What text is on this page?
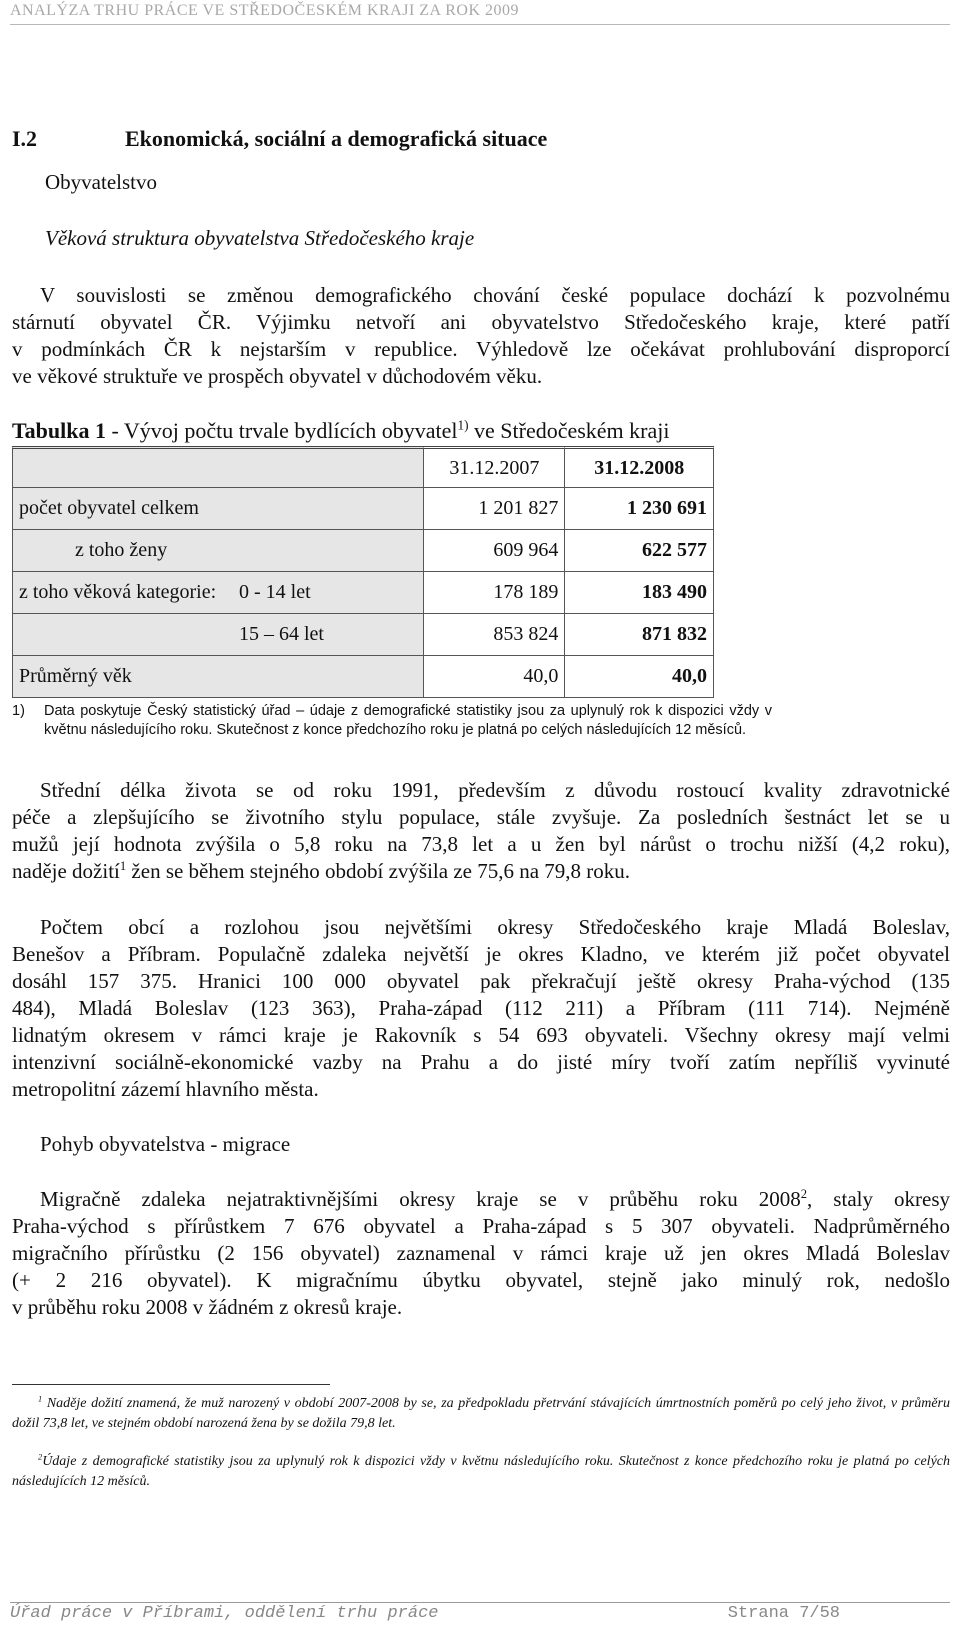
ANALÝZA TRHU PRÁCE VE STŘEDOČESKÉM KRAJI ZA ROK 2009
I.2	Ekonomická, sociální a demografická situace
Obyvatelstvo
Věková struktura obyvatelstva Středočeského kraje
V souvislosti se změnou demografického chování české populace dochází k pozvolnému
stárnutí obyvatel ČR. Výjimku netvoří ani obyvatelstvo Středočeského kraje, které patří
v podmínkách ČR k nejstarším v republice. Výhledově lze očekávat prohlubování disproporcí
ve věkové struktuře ve prospěch obyvatel v důchodovém věku.
Tabulka 1 - Vývoj počtu trvale bydlících obyvatel$^{1)}$ ve Středočeském kraji
	31.12.2007	31.12.2008
počet obyvatel celkem	1 201 827	1 230 691
z toho ženy	609 964	622 577
z toho věková kategorie: 0 - 14 let	178 189	183 490
15 – 64 let	853 824	871 832
Průměrný věk	40,0	40,0
1) Data poskytuje Český statistický úřad – údaje z demografické statistiky jsou za uplynulý rok k dispozici vždy v květnu následujícího roku. Skutečnost z konce předchozího roku je platná po celých následujících 12 měsíců.
Střední délka života se od roku 1991, především z důvodu rostoucí kvality zdravotnické
péče a zlepšujícího se životního stylu populace, stále zvyšuje. Za posledních šestnáct let se u
mužů její hodnota zvýšila o 5,8 roku na 73,8 let a u žen byl nárůst o trochu nižší (4,2 roku),
naděje dožití$^1$ žen se během stejného období zvýšila ze 75,6 na 79,8 roku.
Počtem obcí a rozlohou jsou největšími okresy Středočeského kraje Mladá Boleslav,
Benešov a Příbram. Populačně zdaleka největší je okres Kladno, ve kterém již počet obyvatel
dosáhl 157 375. Hranici 100 000 obyvatel pak překračují ještě okresy Praha-východ (135
484), Mladá Boleslav (123 363), Praha-západ (112 211) a Příbram (111 714). Nejméně
lidnatým okresem v rámci kraje je Rakovník s 54 693 obyvateli. Všechny okresy mají velmi
intenzivní sociálně-ekonomické vazby na Prahu a do jisté míry tvoří zatím nepříliš vyvinuté
metropolitní zázemí hlavního města.
Pohyb obyvatelstva - migrace
Migračně zdaleka nejatraktivnějšími okresy kraje se v průběhu roku 2008$^2$, staly okresy
Praha-východ s přírůstkem 7 676 obyvatel a Praha-západ s 5 307 obyvateli. Nadprůměrného
migračního přírůstku (2 156 obyvatel) zaznamenal v rámci kraje už jen okres Mladá Boleslav
(+ 2 216 obyvatel). K migračnímu úbytku obyvatel, stejně jako minulý rok, nedošlo
v průběhu roku 2008 v žádném z okresů kraje.
$^1$ Naděje dožití znamená, že muž narozený v období 2007-2008 by se, za předpokladu přetrvání stávajících úmrtnostních poměrů po celý jeho život, v průměru dožil 73,8 let, ve stejném období narozená žena by se dožila 79,8 let.
$^2$Údaje z demografické statistiky jsou za uplynulý rok k dispozici vždy v květnu následujícího roku. Skutečnost z konce předchozího roku je platná po celých následujících 12 měsíců.
Úřad práce v Příbrami, oddělení trhu práce	Strana 7/58
